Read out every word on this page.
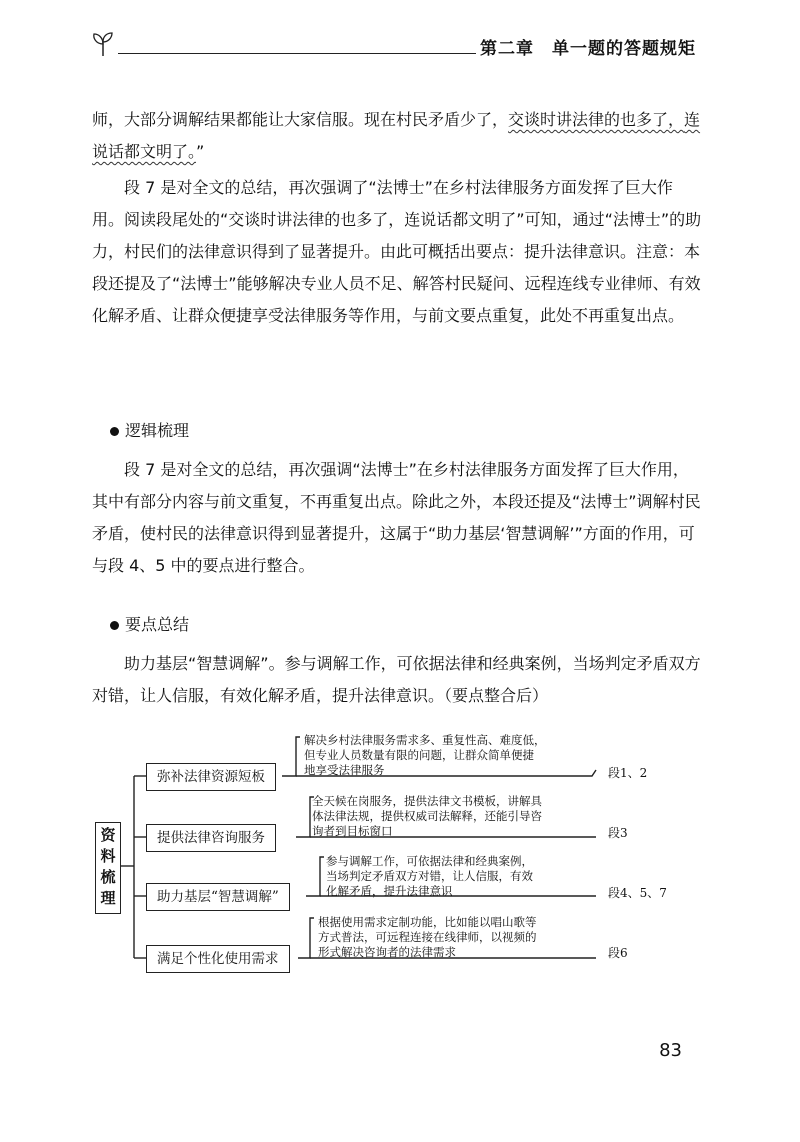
第二章　单一题的答题规矩

师，大部分调解结果都能让大家信服。现在村民矛盾少了，交谈时讲法律的也多了，连说话都文明了。”

段 7 是对全文的总结，再次强调了“法博士”在乡村法律服务方面发挥了巨大作用。阅读段尾处的“交谈时讲法律的也多了，连说话都文明了”可知，通过“法博士”的助力，村民们的法律意识得到了显著提升。由此可概括出要点：提升法律意识。注意：本段还提及了“法博士”能够解决专业人员不足、解答村民疑问、远程连线专业律师、有效化解矛盾、让群众便捷享受法律服务等作用，与前文要点重复，此处不再重复出点。

逻辑梳理

段 7 是对全文的总结，再次强调“法博士”在乡村法律服务方面发挥了巨大作用，其中有部分内容与前文重复，不再重复出点。除此之外，本段还提及“法博士”调解村民矛盾，使村民的法律意识得到显著提升，这属于“助力基层‘智慧调解’”方面的作用，可与段 4、5 中的要点进行整合。

要点总结

助力基层“智慧调解”。参与调解工作，可依据法律和经典案例，当场判定矛盾双方对错，让人信服，有效化解矛盾，提升法律意识。（要点整合后）

资料梳理
弥补法律资源短板
解决乡村法律服务需求多、重复性高、难度低，
但专业人员数量有限的问题，让群众简单便捷
地享受法律服务	段1、2
提供法律咨询服务
全天候在岗服务，提供法律文书模板，讲解具
体法律法规，提供权威司法解释，还能引导咨
询者到目标窗口	段3
助力基层“智慧调解”
参与调解工作，可依据法律和经典案例，
当场判定矛盾双方对错，让人信服，有效
化解矛盾，提升法律意识	段4、5、7
满足个性化使用需求
根据使用需求定制功能，比如能以唱山歌等
方式普法，可远程连接在线律师，以视频的
形式解决咨询者的法律需求	段6
83
